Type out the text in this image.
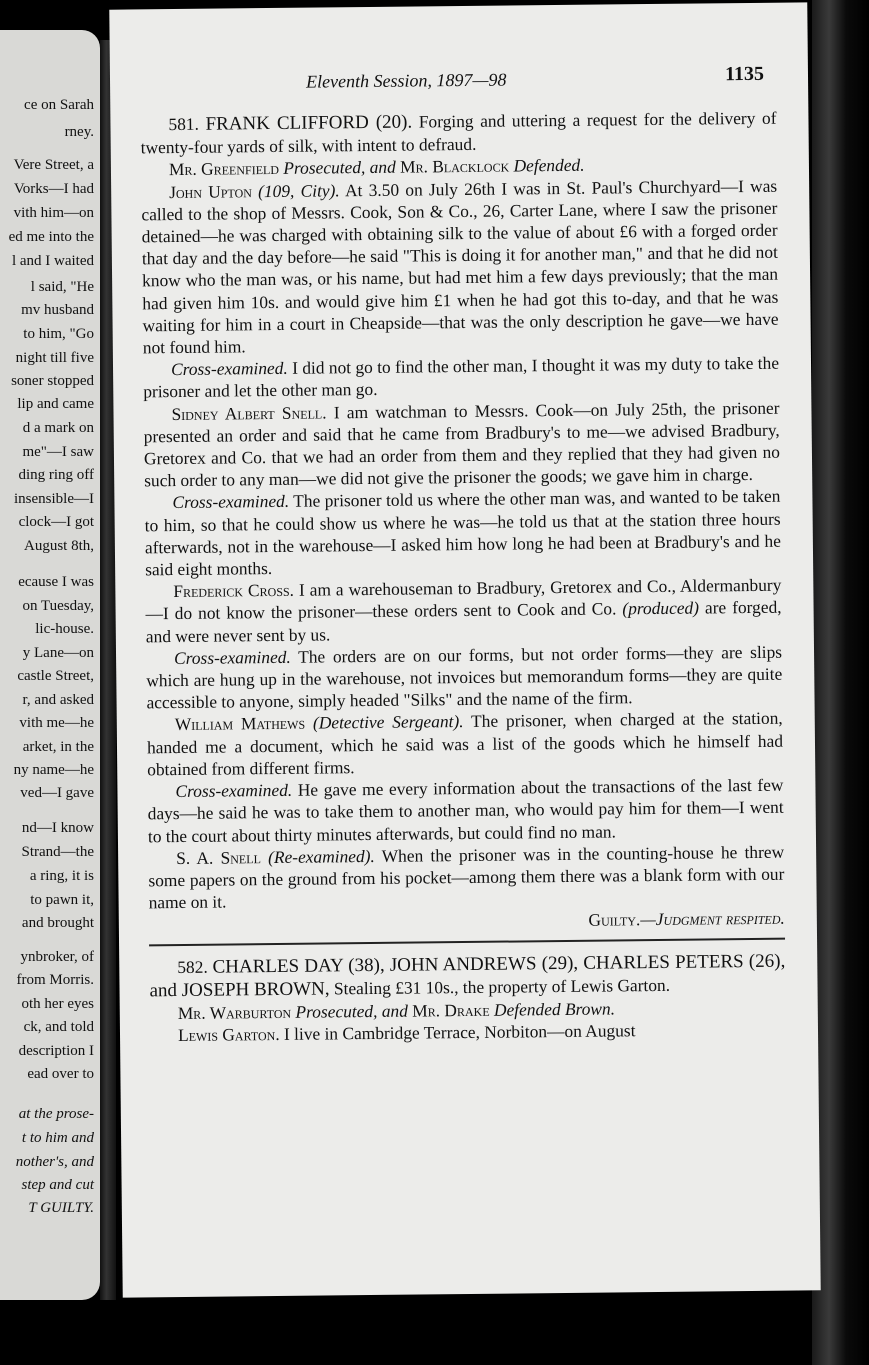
ce on Sarah
rney.
Vere Street, a
Vorks—I had
vith him—on
ed me into the
l and I waited
l said, "He
mv husband
to him, "Go
night till five
soner stopped
lip and came
d a mark on
me"—I saw
ding ring off
insensible—I
clock—I got
August 8th,
ecause I was
on Tuesday,
lic-house.
y Lane—on
castle Street,
r, and asked
vith me—he
arket, in the
ny name—he
ved—I gave
nd—I know
Strand—the
a ring, it is
to pawn it,
and brought
ynbroker, of
from Morris.
oth her eyes
ck, and told
description I
ead over to
at the prose-
t to him and
nother's, and
step and cut
T GUILTY.
Eleventh Session, 1897—98	1135

581. FRANK CLIFFORD (20). Forging and uttering a request for the delivery of twenty-four yards of silk, with intent to defraud.

Mr. Greenfield Prosecuted, and Mr. Blacklock Defended.

John Upton (109, City). At 3.50 on July 26th I was in St. Paul's Churchyard—I was called to the shop of Messrs. Cook, Son & Co., 26, Carter Lane, where I saw the prisoner detained—he was charged with obtaining silk to the value of about £6 with a forged order that day and the day before—he said "This is doing it for another man," and that he did not know who the man was, or his name, but had met him a few days previously; that the man had given him 10s. and would give him £1 when he had got this to-day, and that he was waiting for him in a court in Cheapside—that was the only description he gave—we have not found him.

Cross-examined. I did not go to find the other man, I thought it was my duty to take the prisoner and let the other man go.

Sidney Albert Snell. I am watchman to Messrs. Cook—on July 25th, the prisoner presented an order and said that he came from Bradbury's to me—we advised Bradbury, Gretorex and Co. that we had an order from them and they replied that they had given no such order to any man—we did not give the prisoner the goods; we gave him in charge.

Cross-examined. The prisoner told us where the other man was, and wanted to be taken to him, so that he could show us where he was—he told us that at the station three hours afterwards, not in the warehouse—I asked him how long he had been at Bradbury's and he said eight months.

Frederick Cross. I am a warehouseman to Bradbury, Gretorex and Co., Aldermanbury—I do not know the prisoner—these orders sent to Cook and Co. (produced) are forged, and were never sent by us.

Cross-examined. The orders are on our forms, but not order forms—they are slips which are hung up in the warehouse, not invoices but memorandum forms—they are quite accessible to anyone, simply headed "Silks" and the name of the firm.

William Mathews (Detective Sergeant). The prisoner, when charged at the station, handed me a document, which he said was a list of the goods which he himself had obtained from different firms.

Cross-examined. He gave me every information about the transactions of the last few days—he said he was to take them to another man, who would pay him for them—I went to the court about thirty minutes afterwards, but could find no man.

S. A. Snell (Re-examined). When the prisoner was in the counting-house he threw some papers on the ground from his pocket—among them there was a blank form with our name on it.

Guilty.—Judgment respited.

582. CHARLES DAY (38), JOHN ANDREWS (29), CHARLES PETERS (26), and JOSEPH BROWN, Stealing £31 10s., the property of Lewis Garton.

Mr. Warburton Prosecuted, and Mr. Drake Defended Brown.

Lewis Garton. I live in Cambridge Terrace, Norbiton—on August
